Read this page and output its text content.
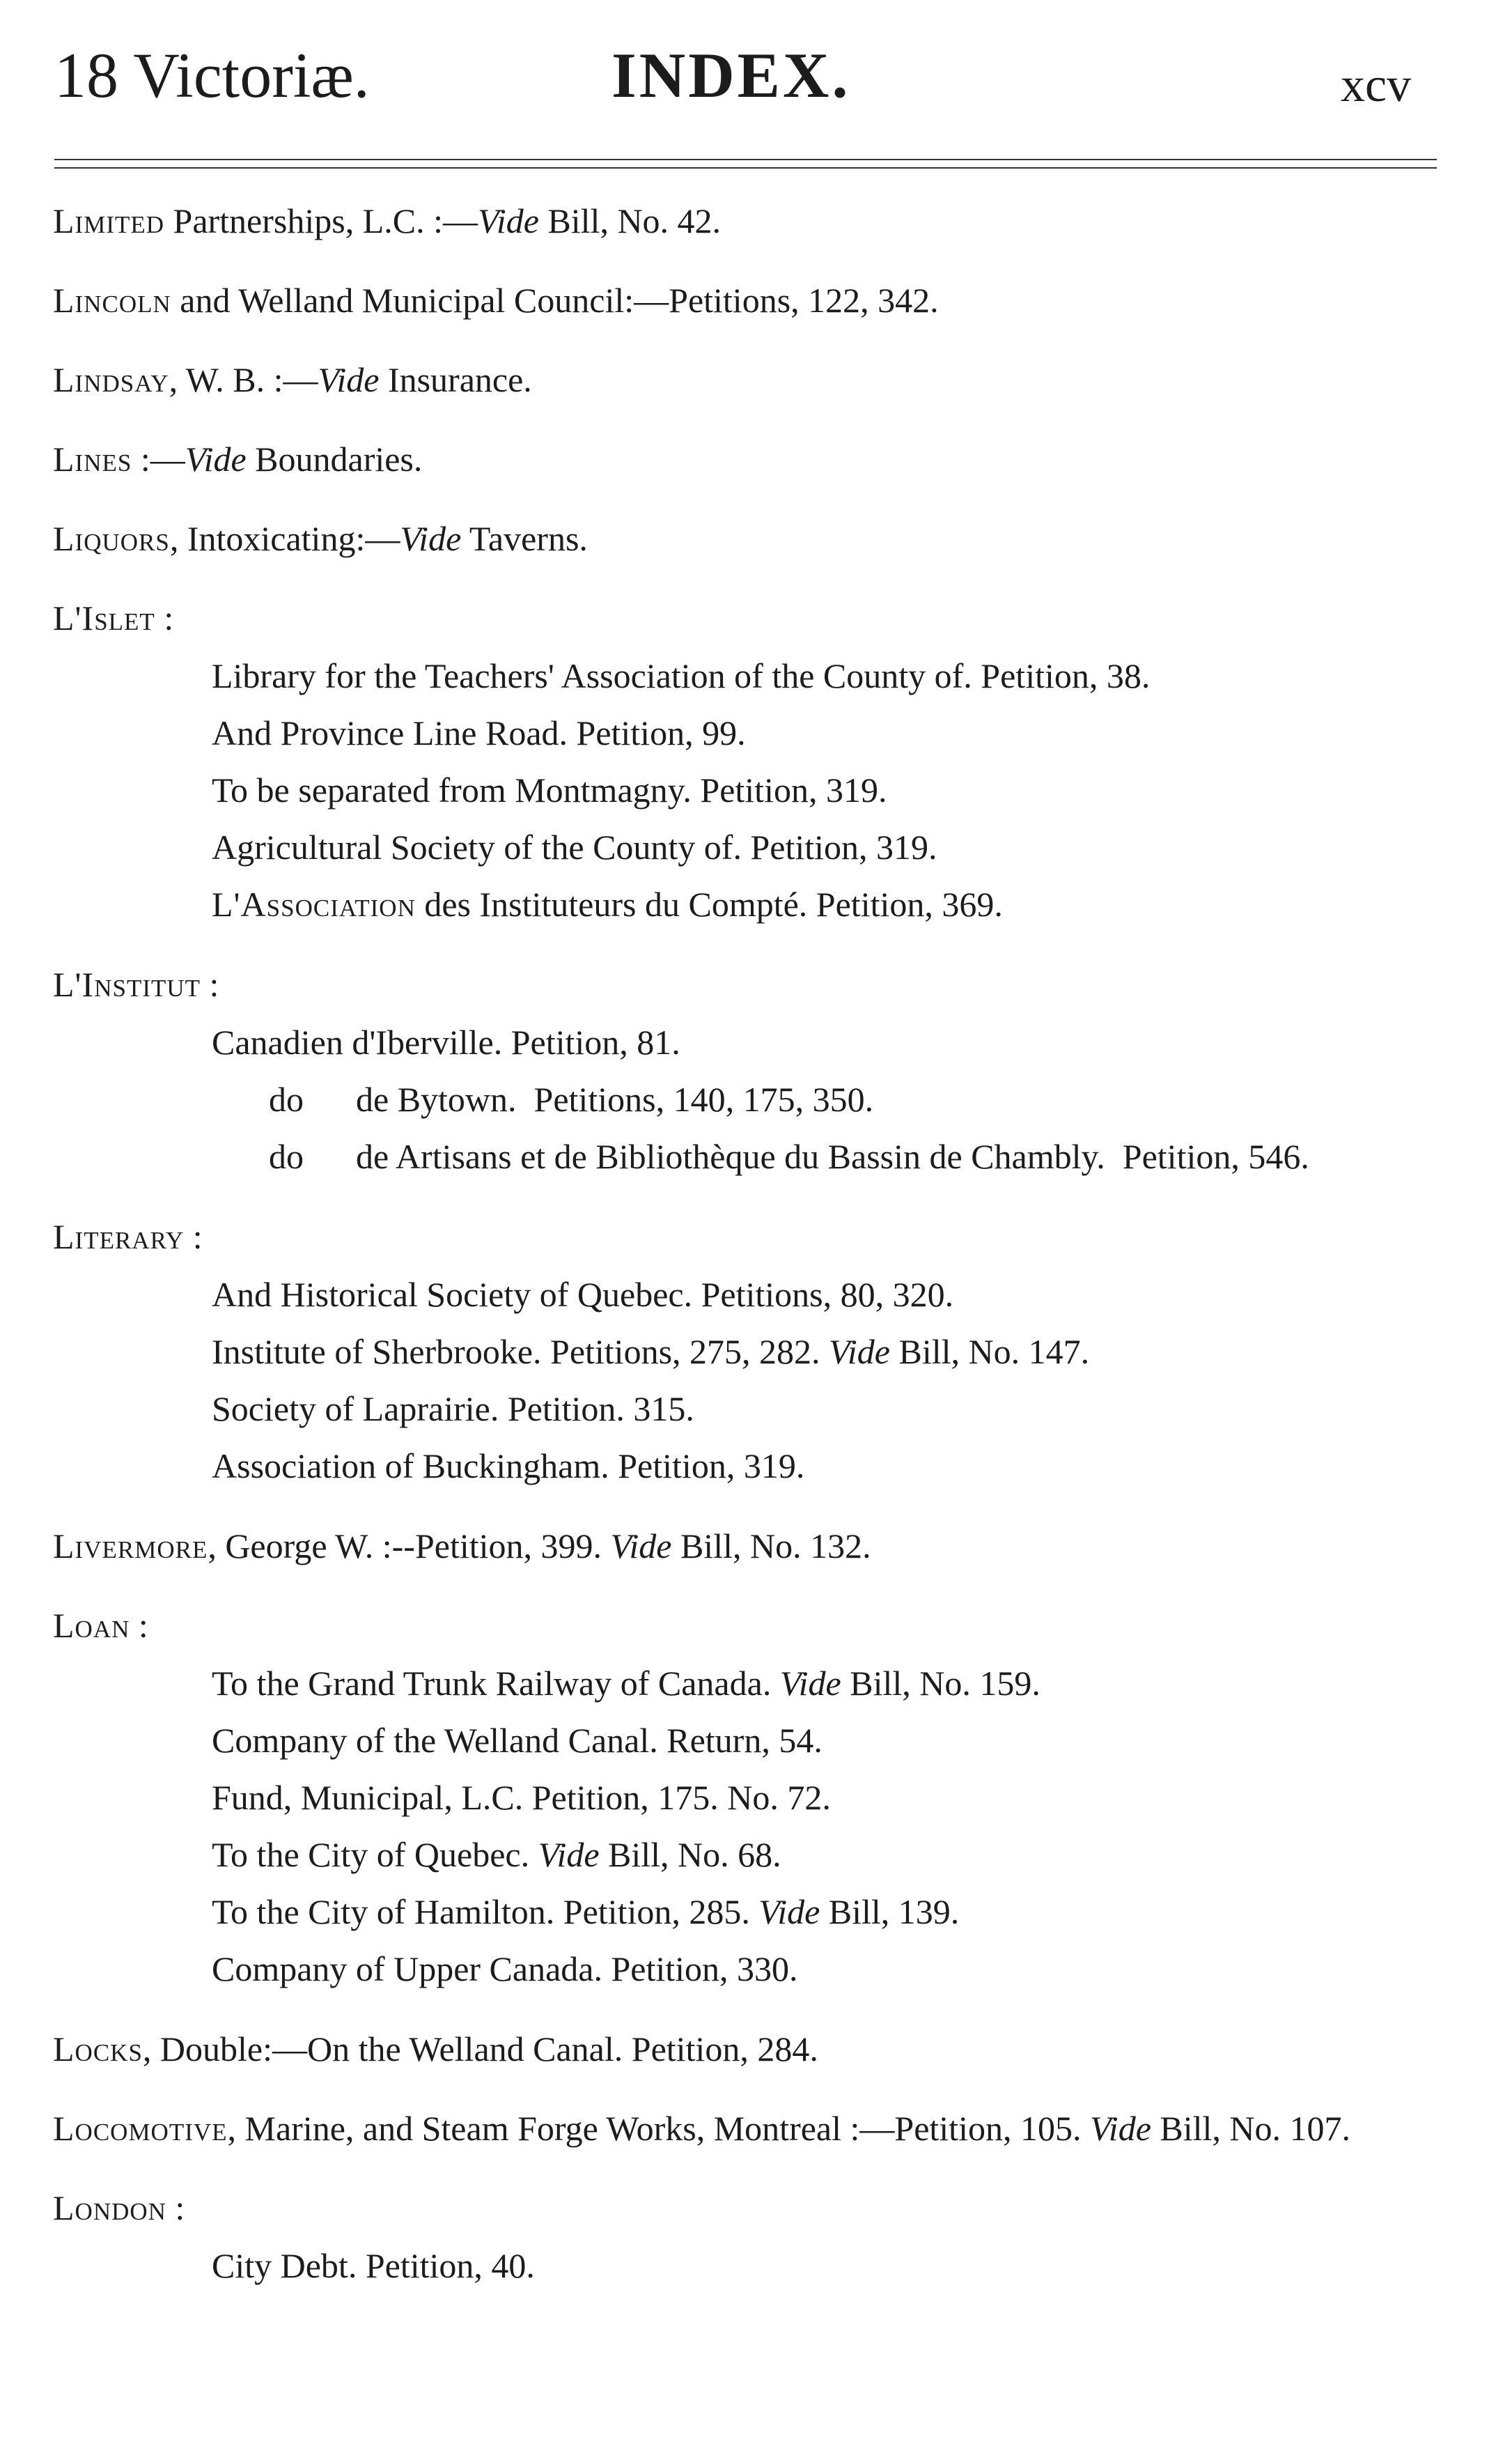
18 Victoriæ.	INDEX.	xcv

Limited Partnerships, L.C. :—Vide Bill, No. 42.

Lincoln and Welland Municipal Council:—Petitions, 122, 342.

Lindsay, W. B. :—Vide Insurance.

Lines :—Vide Boundaries.

Liquors, Intoxicating:—Vide Taverns.

L'Islet :

Library for the Teachers' Association of the County of. Petition, 38.

And Province Line Road. Petition, 99.

To be separated from Montmagny. Petition, 319.

Agricultural Society of the County of. Petition, 319.

L'Association des Instituteurs du Compté. Petition, 369.

L'Institut :

Canadien d'Iberville. Petition, 81.

do      de Bytown.  Petitions, 140, 175, 350.

do      de Artisans et de Bibliothèque du Bassin de Chambly.  Petition, 546.

Literary :

And Historical Society of Quebec. Petitions, 80, 320.

Institute of Sherbrooke. Petitions, 275, 282. Vide Bill, No. 147.

Society of Laprairie. Petition. 315.

Association of Buckingham. Petition, 319.

Livermore, George W. :--Petition, 399. Vide Bill, No. 132.

Loan :

To the Grand Trunk Railway of Canada. Vide Bill, No. 159.

Company of the Welland Canal. Return, 54.

Fund, Municipal, L.C. Petition, 175. No. 72.

To the City of Quebec. Vide Bill, No. 68.

To the City of Hamilton. Petition, 285. Vide Bill, 139.

Company of Upper Canada. Petition, 330.

Locks, Double:—On the Welland Canal. Petition, 284.

Locomotive, Marine, and Steam Forge Works, Montreal :—Petition, 105. Vide Bill, No. 107.

London :

City Debt. Petition, 40.
